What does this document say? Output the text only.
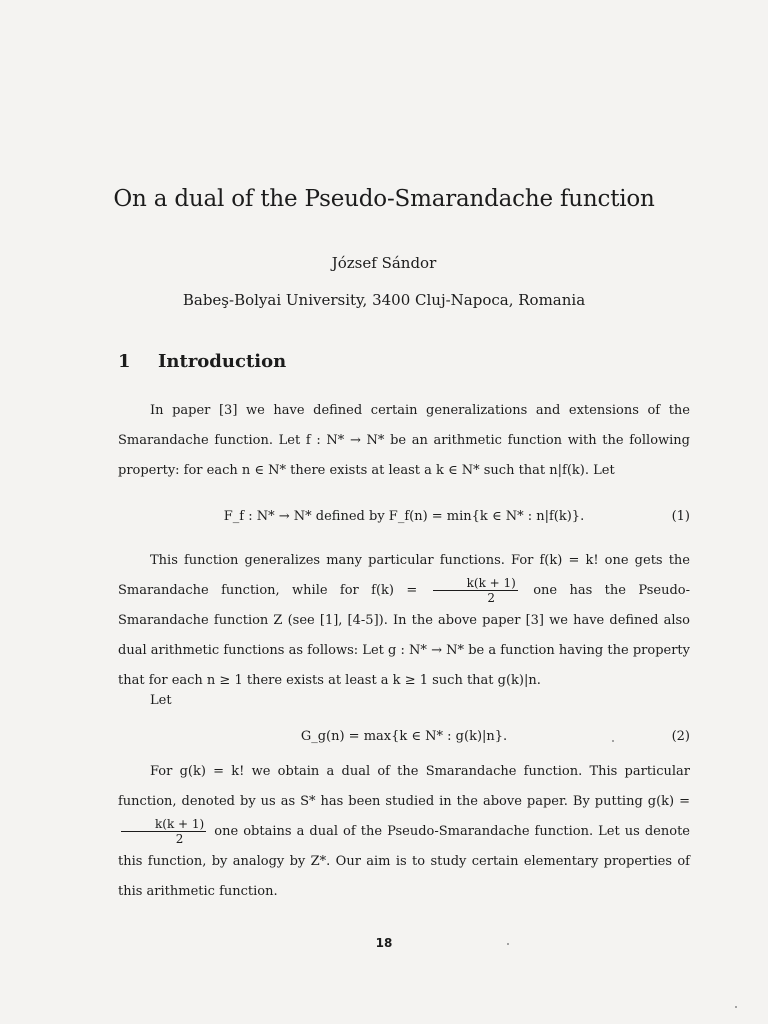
On a dual of the Pseudo-Smarandache function
József Sándor
Babeş-Bolyai University, 3400 Cluj-Napoca, Romania
1 Introduction
In paper [3] we have defined certain generalizations and extensions of the Smarandache function. Let f : N* → N* be an arithmetic function with the following property: for each n ∈ N* there exists at least a k ∈ N* such that n|f(k). Let
F_f : N* → N* defined by F_f(n) = min{k ∈ N* : n|f(k)}.	(1)
This function generalizes many particular functions. For f(k) = k! one gets the Smarandache function, while for $f(k) = \frac{k(k + 1)}{2}$ one has the Pseudo-Smarandache function Z (see [1], [4-5]). In the above paper [3] we have defined also dual arithmetic functions as follows: Let g : N* → N* be a function having the property that for each n ≥ 1 there exists at least a k ≥ 1 such that g(k)|n.
Let
G_g(n) = max{k ∈ N* : g(k)|n}.	(2)
For g(k) = k! we obtain a dual of the Smarandache function. This particular function, denoted by us as S* has been studied in the above paper. By putting g(k) =
$\frac{k(k + 1)}{2}$ one obtains a dual of the Pseudo-Smarandache function. Let us denote this function, by analogy by Z*. Our aim is to study certain elementary properties of this arithmetic function.
18
